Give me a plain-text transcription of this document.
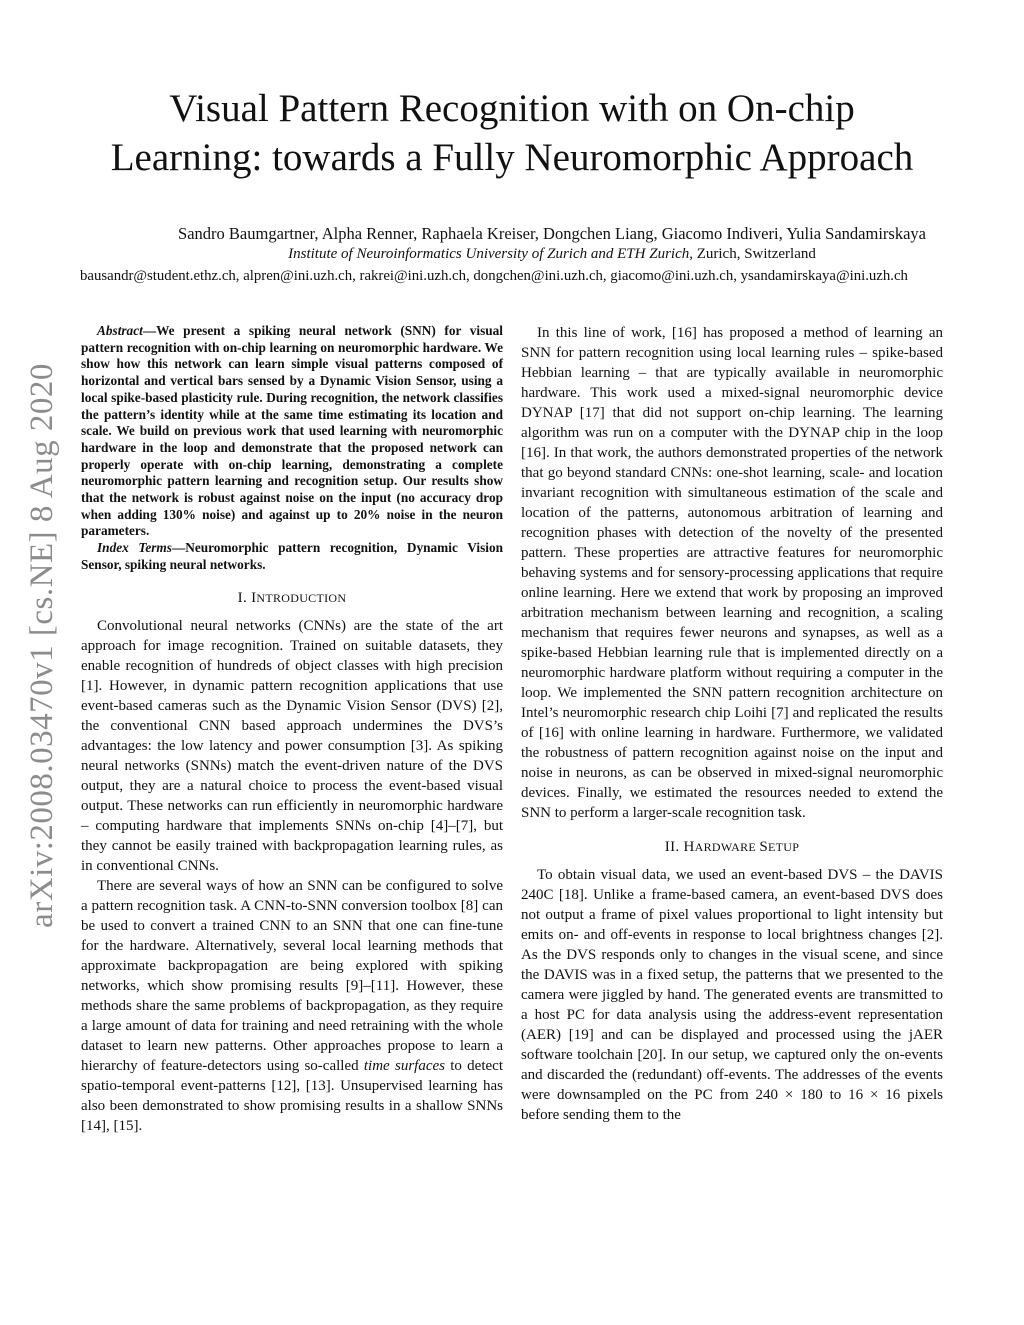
arXiv:2008.03470v1 [cs.NE] 8 Aug 2020
Visual Pattern Recognition with on On-chip
Learning: towards a Fully Neuromorphic Approach
Sandro Baumgartner, Alpha Renner, Raphaela Kreiser, Dongchen Liang, Giacomo Indiveri, Yulia Sandamirskaya
Institute of Neuroinformatics University of Zurich and ETH Zurich, Zurich, Switzerland
bausandr@student.ethz.ch, alpren@ini.uzh.ch, rakrei@ini.uzh.ch, dongchen@ini.uzh.ch, giacomo@ini.uzh.ch, ysandamirskaya@ini.uzh.ch

Abstract—We present a spiking neural network (SNN) for visual pattern recognition with on-chip learning on neuromorphic hardware. We show how this network can learn simple visual patterns composed of horizontal and vertical bars sensed by a Dynamic Vision Sensor, using a local spike-based plasticity rule. During recognition, the network classifies the pattern’s identity while at the same time estimating its location and scale. We build on previous work that used learning with neuromorphic hardware in the loop and demonstrate that the proposed network can properly operate with on-chip learning, demonstrating a complete neuromorphic pattern learning and recognition setup. Our results show that the network is robust against noise on the input (no accuracy drop when adding 130% noise) and against up to 20% noise in the neuron parameters.

Index Terms—Neuromorphic pattern recognition, Dynamic Vision Sensor, spiking neural networks.

I. INTRODUCTION

Convolutional neural networks (CNNs) are the state of the art approach for image recognition. Trained on suitable datasets, they enable recognition of hundreds of object classes with high precision [1]. However, in dynamic pattern recognition applications that use event-based cameras such as the Dynamic Vision Sensor (DVS) [2], the conventional CNN based approach undermines the DVS’s advantages: the low latency and power consumption [3]. As spiking neural networks (SNNs) match the event-driven nature of the DVS output, they are a natural choice to process the event-based visual output. These networks can run efficiently in neuromorphic hardware – computing hardware that implements SNNs on-chip [4]–[7], but they cannot be easily trained with backpropagation learning rules, as in conventional CNNs.

There are several ways of how an SNN can be configured to solve a pattern recognition task. A CNN-to-SNN conversion toolbox [8] can be used to convert a trained CNN to an SNN that one can fine-tune for the hardware. Alternatively, several local learning methods that approximate backpropagation are being explored with spiking networks, which show promising results [9]–[11]. However, these methods share the same problems of backpropagation, as they require a large amount of data for training and need retraining with the whole dataset to learn new patterns. Other approaches propose to learn a hierarchy of feature-detectors using so-called time surfaces to detect spatio-temporal event-patterns [12], [13]. Unsupervised learning has also been demonstrated to show promising results in a shallow SNNs [14], [15].

In this line of work, [16] has proposed a method of learning an SNN for pattern recognition using local learning rules – spike-based Hebbian learning – that are typically available in neuromorphic hardware. This work used a mixed-signal neuromorphic device DYNAP [17] that did not support on-chip learning. The learning algorithm was run on a computer with the DYNAP chip in the loop [16]. In that work, the authors demonstrated properties of the network that go beyond standard CNNs: one-shot learning, scale- and location invariant recognition with simultaneous estimation of the scale and location of the patterns, autonomous arbitration of learning and recognition phases with detection of the novelty of the presented pattern. These properties are attractive features for neuromorphic behaving systems and for sensory-processing applications that require online learning. Here we extend that work by proposing an improved arbitration mechanism between learning and recognition, a scaling mechanism that requires fewer neurons and synapses, as well as a spike-based Hebbian learning rule that is implemented directly on a neuromorphic hardware platform without requiring a computer in the loop. We implemented the SNN pattern recognition architecture on Intel’s neuromorphic research chip Loihi [7] and replicated the results of [16] with online learning in hardware. Furthermore, we validated the robustness of pattern recognition against noise on the input and noise in neurons, as can be observed in mixed-signal neuromorphic devices. Finally, we estimated the resources needed to extend the SNN to perform a larger-scale recognition task.

II. HARDWARE SETUP

To obtain visual data, we used an event-based DVS – the DAVIS 240C [18]. Unlike a frame-based camera, an event-based DVS does not output a frame of pixel values proportional to light intensity but emits on- and off-events in response to local brightness changes [2]. As the DVS responds only to changes in the visual scene, and since the DAVIS was in a fixed setup, the patterns that we presented to the camera were jiggled by hand. The generated events are transmitted to a host PC for data analysis using the address-event representation (AER) [19] and can be displayed and processed using the jAER software toolchain [20]. In our setup, we captured only the on-events and discarded the (redundant) off-events. The addresses of the events were downsampled on the PC from 240 × 180 to 16 × 16 pixels before sending them to the
